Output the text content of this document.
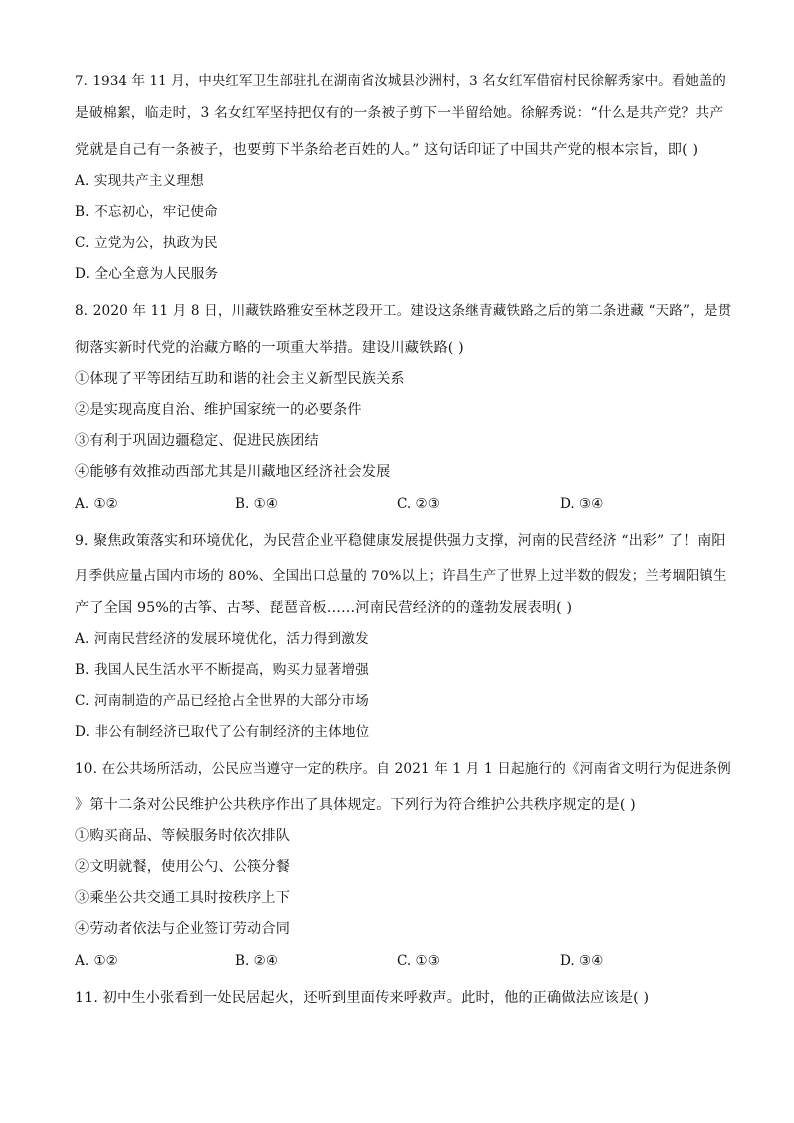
7. 1934 年 11 月，中央红军卫生部驻扎在湖南省汝城县沙洲村，3 名女红军借宿村民徐解秀家中。看她盖的
是破棉絮，临走时，3 名女红军坚持把仅有的一条被子剪下一半留给她。徐解秀说：“什么是共产党？共产
党就是自己有一条被子，也要剪下半条给老百姓的人。” 这句话印证了中国共产党的根本宗旨，即( )
A. 实现共产主义理想
B. 不忘初心，牢记使命
C. 立党为公，执政为民
D. 全心全意为人民服务
8. 2020 年 11 月 8 日，川藏铁路雅安至林芝段开工。建设这条继青藏铁路之后的第二条进藏 “天路”，是贯
彻落实新时代党的治藏方略的一项重大举措。建设川藏铁路( )
①体现了平等团结互助和谐的社会主义新型民族关系
②是实现高度自治、维护国家统一的必要条件
③有利于巩固边疆稳定、促进民族团结
④能够有效推动西部尤其是川藏地区经济社会发展
A. ①②	B. ①④	C. ②③	D. ③④
9. 聚焦政策落实和环境优化，为民营企业平稳健康发展提供强力支撑，河南的民营经济 “出彩” 了！南阳
月季供应量占国内市场的 80%、全国出口总量的 70%以上；许昌生产了世界上过半数的假发；兰考堌阳镇生
产了全国 95%的古筝、古琴、琵琶音板……河南民营经济的的蓬勃发展表明( )
A. 河南民营经济的发展环境优化，活力得到激发
B. 我国人民生活水平不断提高，购买力显著增强
C. 河南制造的产品已经抢占全世界的大部分市场
D. 非公有制经济已取代了公有制经济的主体地位
10. 在公共场所活动，公民应当遵守一定的秩序。自 2021 年 1 月 1 日起施行的《河南省文明行为促进条例
》第十二条对公民维护公共秩序作出了具体规定。下列行为符合维护公共秩序规定的是( )
①购买商品、等候服务时依次排队
②文明就餐，使用公勺、公筷分餐
③乘坐公共交通工具时按秩序上下
④劳动者依法与企业签订劳动合同
A. ①②	B. ②④	C. ①③	D. ③④
11. 初中生小张看到一处民居起火，还听到里面传来呼救声。此时，他的正确做法应该是( )
